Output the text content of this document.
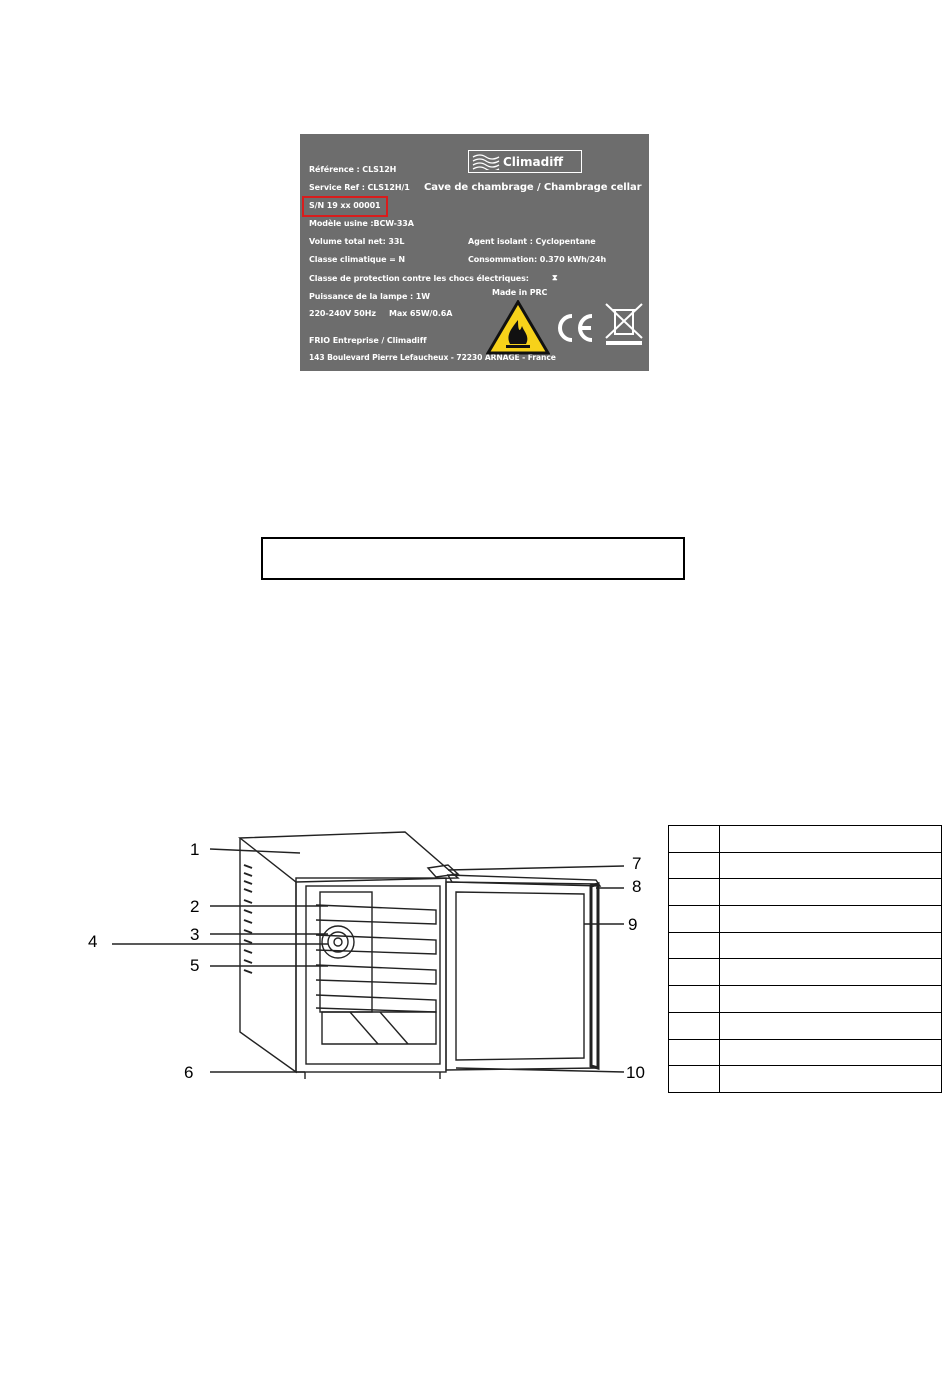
Référence : CLS12H
Service Ref : CLS12H/1
S/N 19 xx 00001
Modèle usine :BCW-33A
Volume total net: 33L
Classe climatique = N
Classe de protection contre les chocs électriques:
Puissance de la lampe : 1W
220-240V 50Hz Max 65W/0.6A
FRIO Entreprise / Climadiff
143 Boulevard Pierre Lefaucheux - 72230 ARNAGE - France
Climadiff
Cave de chambrage / Chambrage cellar
Agent isolant : Cyclopentane
Consommation: 0.370 kWh/24h
⧗
Made in PRC
1
2
3
4
5
6
7
8
9
10
